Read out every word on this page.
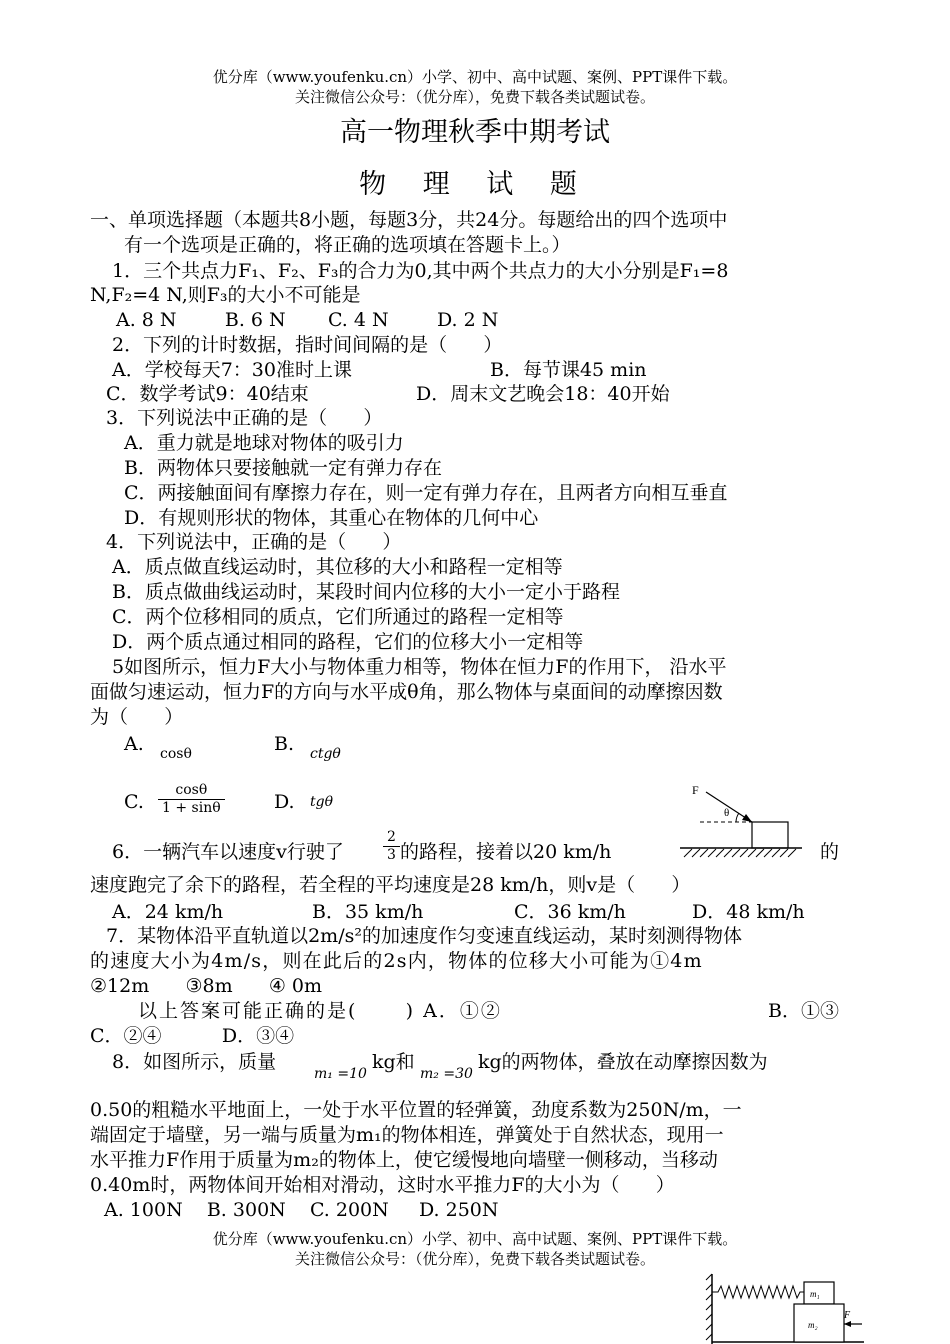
优分库（www.youfenku.cn）小学、初中、高中试题、案例、PPT课件下载。
关注微信公众号：（优分库），免费下载各类试题试卷。
高一物理秋季中期考试
物 理 试 题
一、单项选择题（本题共8小题，每题3分，共24分。每题给出的四个选项中
有一个选项是正确的，将正确的选项填在答题卡上。）
1．三个共点力F₁、F₂、F₃的合力为0,其中两个共点力的大小分别是F₁=8
N,F₂=4 N,则F₃的大小不可能是
A. 8 N        B. 6 N       C. 4 N        D. 2 N
2．下列的计时数据，指时间间隔的是（      ）
A．学校每天7：30准时上课	B．每节课45 min
C．数学考试9：40结束	D．周末文艺晚会18：40开始
3．下列说法中正确的是（      ）
A．重力就是地球对物体的吸引力
B．两物体只要接触就一定有弹力存在
C．两接触面间有摩擦力存在，则一定有弹力存在，且两者方向相互垂直
D．有规则形状的物体，其重心在物体的几何中心
4．下列说法中，正确的是（      ）
A．质点做直线运动时，其位移的大小和路程一定相等
B．质点做曲线运动时，某段时间内位移的大小一定小于路程
C．两个位移相同的质点，它们所通过的路程一定相等
D．两个质点通过相同的路程，它们的位移大小一定相等
5如图所示，恒力F大小与物体重力相等，物体在恒力F的作用下， 沿水平
面做匀速运动，恒力F的方向与水平成θ角，那么物体与桌面间的动摩擦因数
为（      ）
A. cosθ	B. ctgθ
C. $\frac{\cos\theta}{1 + \sin\theta}$	D. tgθ
F
θ
6．一辆汽车以速度v行驶了	$\frac{2}{3}$ 的路程，接着以20 km/h	的
速度跑完了余下的路程，若全程的平均速度是28 km/h，则v是（      ）
A．24 km/h	B．35 km/h	C．36 km/h	D．48 km/h
7．某物体沿平直轨道以2m/s²的加速度作匀变速直线运动，某时刻测得物体
的速度大小为4m/s，则在此后的2s内，物体的位移大小可能为①4m
②12m      ③8m      ④ 0m
以上答案可能正确的是(      ) A．①②	B．①③
C．②④          D．③④
8．如图所示，质量
m₁ =10
kg和
m₂ =30
kg的两物体，叠放在动摩擦因数为
0.50的粗糙水平地面上，一处于水平位置的轻弹簧，劲度系数为250N/m，一
端固定于墙壁，另一端与质量为m₁的物体相连，弹簧处于自然状态，现用一
水平推力F作用于质量为m₂的物体上，使它缓慢地向墙壁一侧移动，当移动
0.40m时，两物体间开始相对滑动，这时水平推力F的大小为（      ）
A. 100N    B. 300N    C. 200N     D. 250N
优分库（www.youfenku.cn）小学、初中、高中试题、案例、PPT课件下载。
关注微信公众号：（优分库），免费下载各类试题试卷。
m₁
m₂
F
